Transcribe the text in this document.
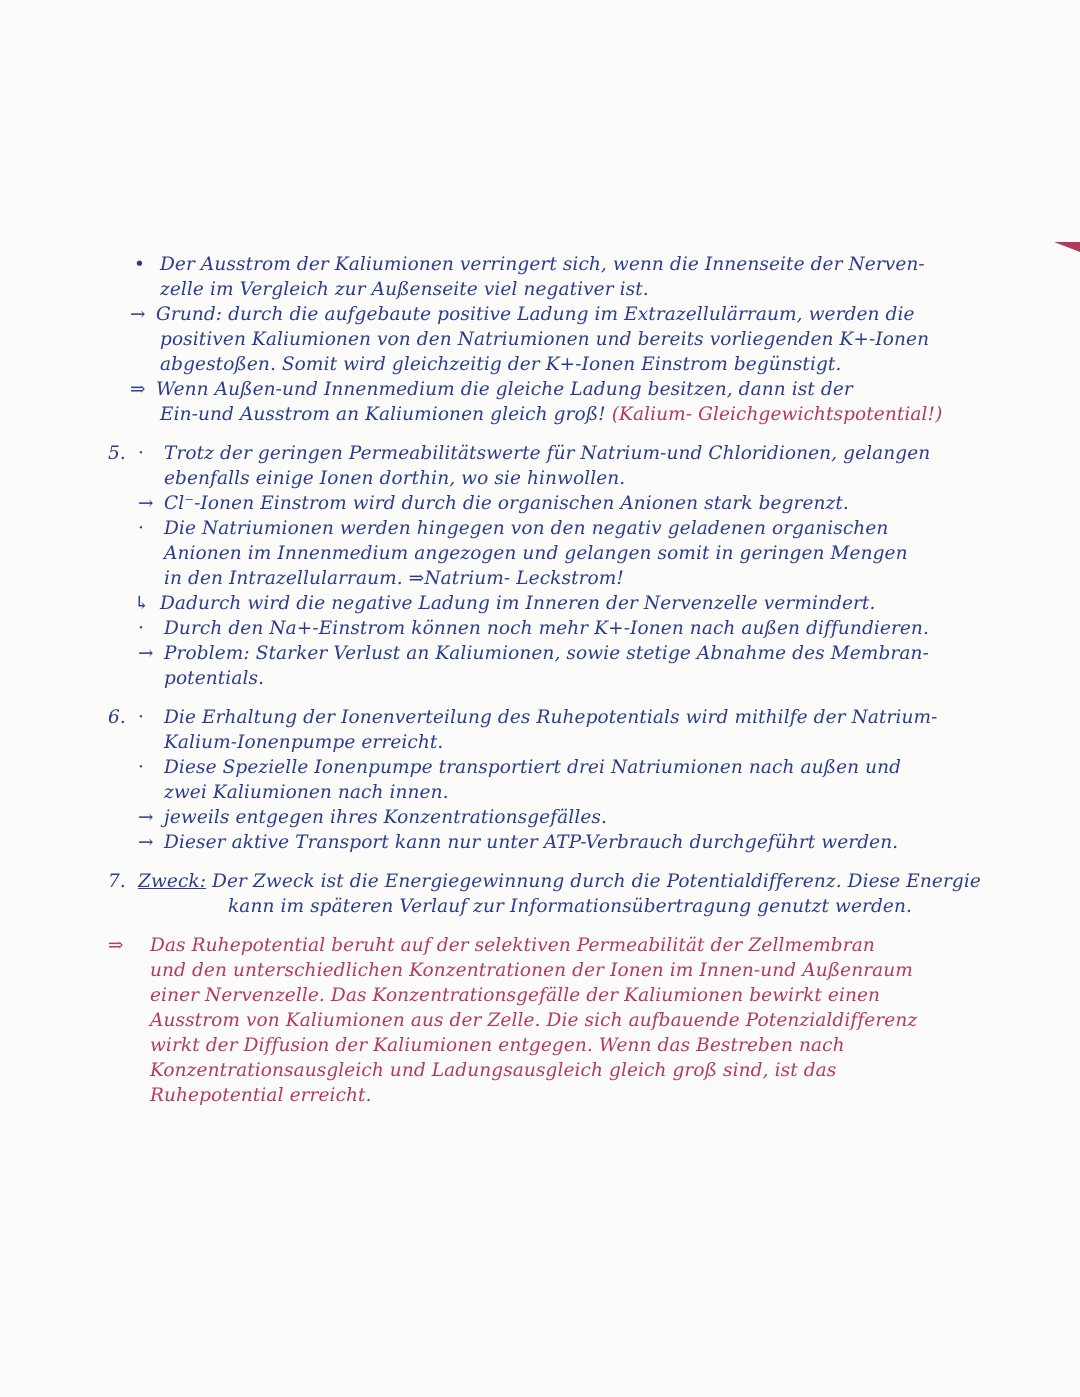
• Der Ausstrom der Kaliumionen verringert sich, wenn die Innenseite der Nerven-
zelle im Vergleich zur Außenseite viel negativer ist.
→ Grund: durch die aufgebaute positive Ladung im Extrazellulärraum, werden die
positiven Kaliumionen von den Natriumionen und bereits vorliegenden K+-Ionen
abgestoßen. Somit wird gleichzeitig der K+-Ionen Einstrom begünstigt.
⇒ Wenn Außen-und Innenmedium die gleiche Ladung besitzen, dann ist der
Ein-und Ausstrom an Kaliumionen gleich groß! (Kalium- Gleichgewichtspotential!)
5. · Trotz der geringen Permeabilitätswerte für Natrium-und Chloridionen, gelangen
ebenfalls einige Ionen dorthin, wo sie hinwollen.
→ Cl⁻-Ionen Einstrom wird durch die organischen Anionen stark begrenzt.
· Die Natriumionen werden hingegen von den negativ geladenen organischen
Anionen im Innenmedium angezogen und gelangen somit in geringen Mengen
in den Intrazellularraum. ⇒Natrium- Leckstrom!
↳ Dadurch wird die negative Ladung im Inneren der Nervenzelle vermindert.
· Durch den Na+-Einstrom können noch mehr K+-Ionen nach außen diffundieren.
→ Problem: Starker Verlust an Kaliumionen, sowie stetige Abnahme des Membran-
potentials.
6. · Die Erhaltung der Ionenverteilung des Ruhepotentials wird mithilfe der Natrium-
Kalium-Ionenpumpe erreicht.
· Diese Spezielle Ionenpumpe transportiert drei Natriumionen nach außen und
zwei Kaliumionen nach innen.
→ jeweils entgegen ihres Konzentrationsgefälles.
→ Dieser aktive Transport kann nur unter ATP-Verbrauch durchgeführt werden.
7. Zweck: Der Zweck ist die Energiegewinnung durch die Potentialdifferenz. Diese Energie
kann im späteren Verlauf zur Informationsübertragung genutzt werden.
⇒ Das Ruhepotential beruht auf der selektiven Permeabilität der Zellmembran
und den unterschiedlichen Konzentrationen der Ionen im Innen-und Außenraum
einer Nervenzelle. Das Konzentrationsgefälle der Kaliumionen bewirkt einen
Ausstrom von Kaliumionen aus der Zelle. Die sich aufbauende Potenzialdifferenz
wirkt der Diffusion der Kaliumionen entgegen. Wenn das Bestreben nach
Konzentrationsausgleich und Ladungsausgleich gleich groß sind, ist das
Ruhepotential erreicht.
